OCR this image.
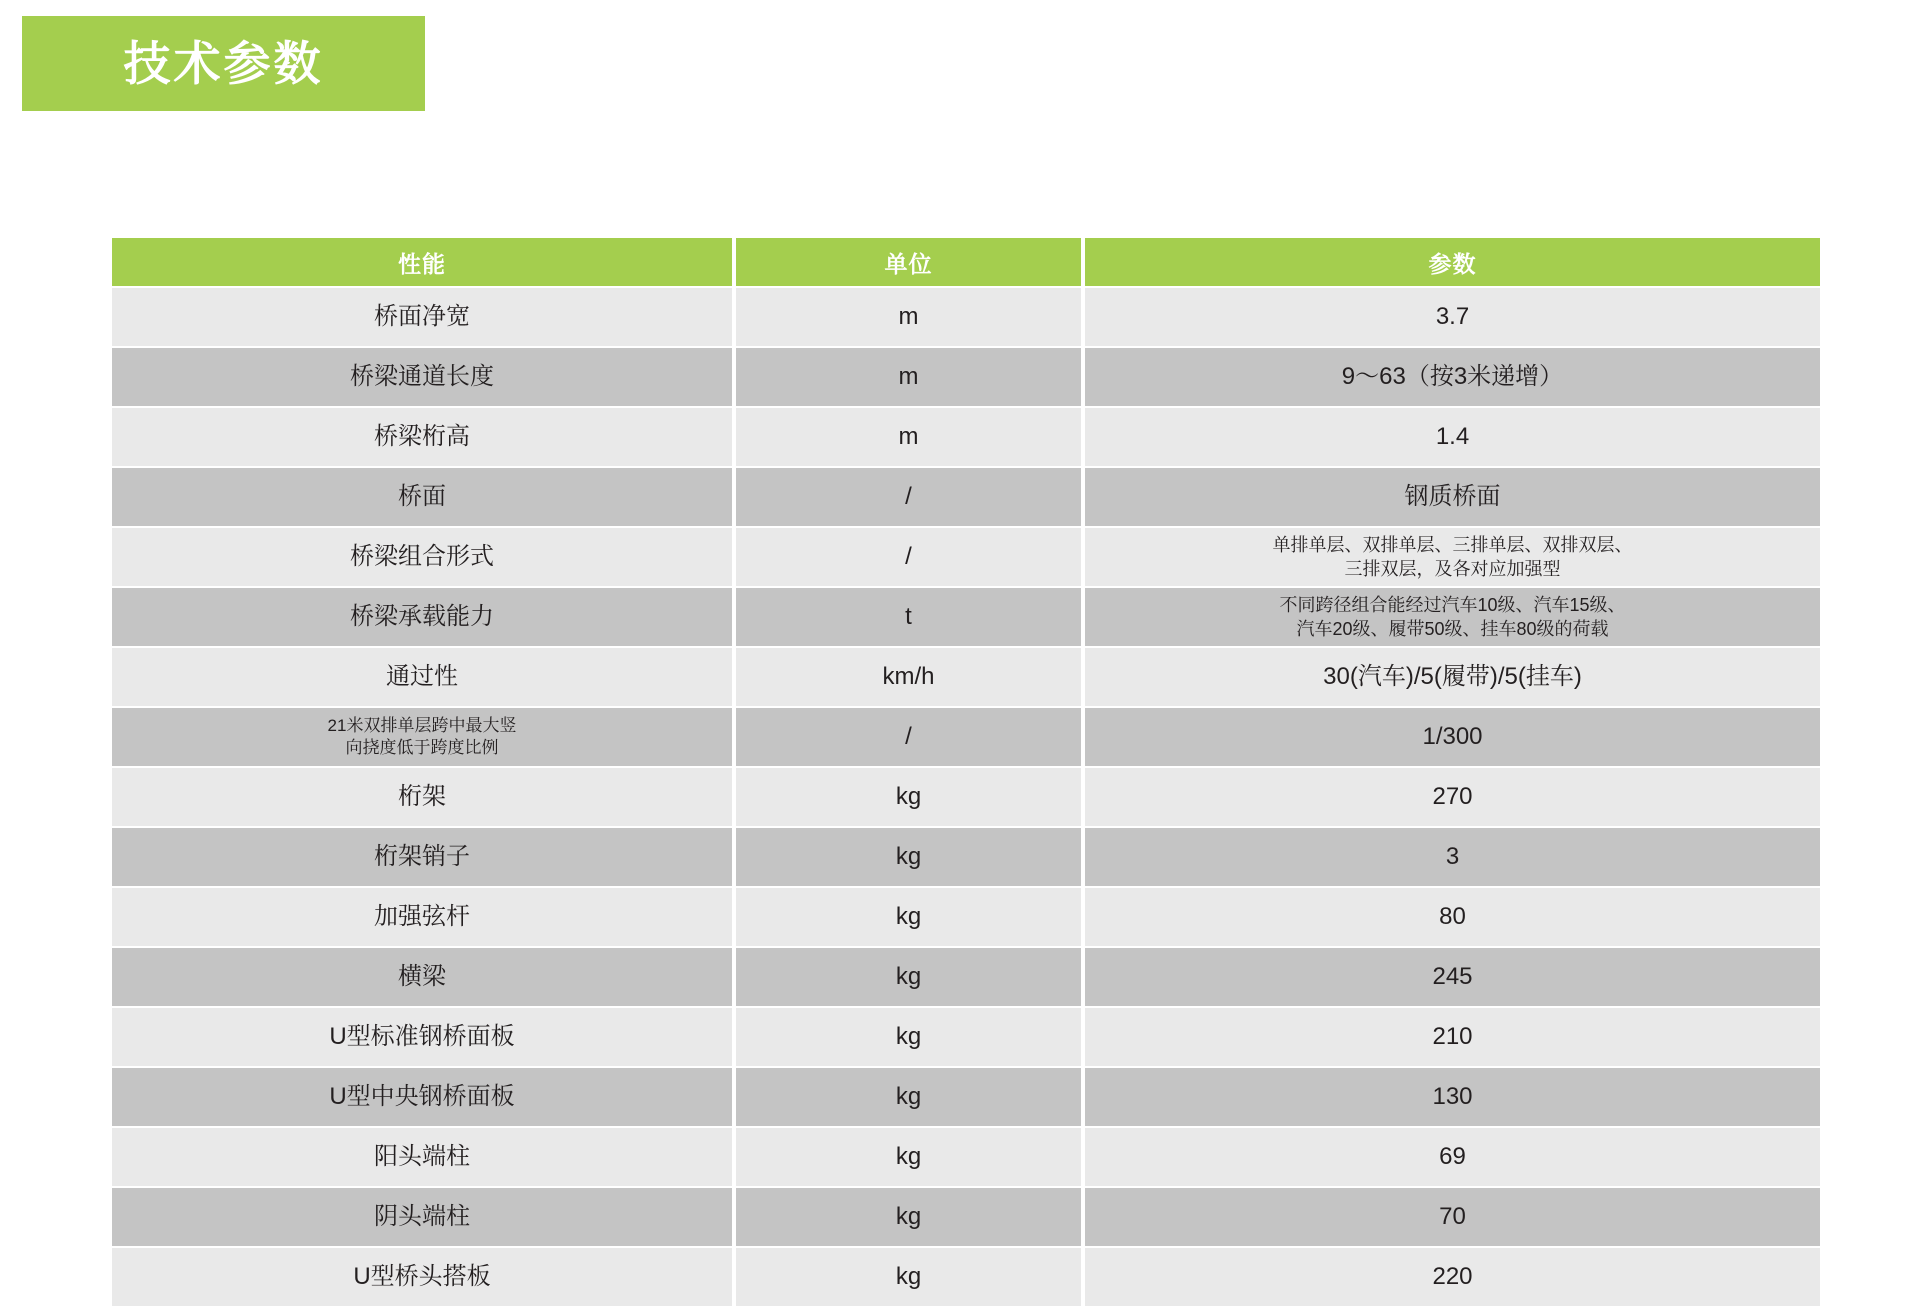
技术参数
性能		单位		参数
桥面净宽		m		3.7
桥梁通道长度		m		9～63（按3米递增）
桥梁桁高		m		1.4
桥面		/		钢质桥面
桥梁组合形式		/		单排单层、双排单层、三排单层、双排双层、
三排双层，及各对应加强型
桥梁承载能力		t		不同跨径组合能经过汽车10级、汽车15级、
汽车20级、履带50级、挂车80级的荷载
通过性		km/h		30(汽车)/5(履带)/5(挂车)
21米双排单层跨中最大竖
向挠度低于跨度比例		/		1/300
桁架		kg		270
桁架销子		kg		3
加强弦杆		kg		80
横梁		kg		245
U型标准钢桥面板		kg		210
U型中央钢桥面板		kg		130
阳头端柱		kg		69
阴头端柱		kg		70
U型桥头搭板		kg		220
